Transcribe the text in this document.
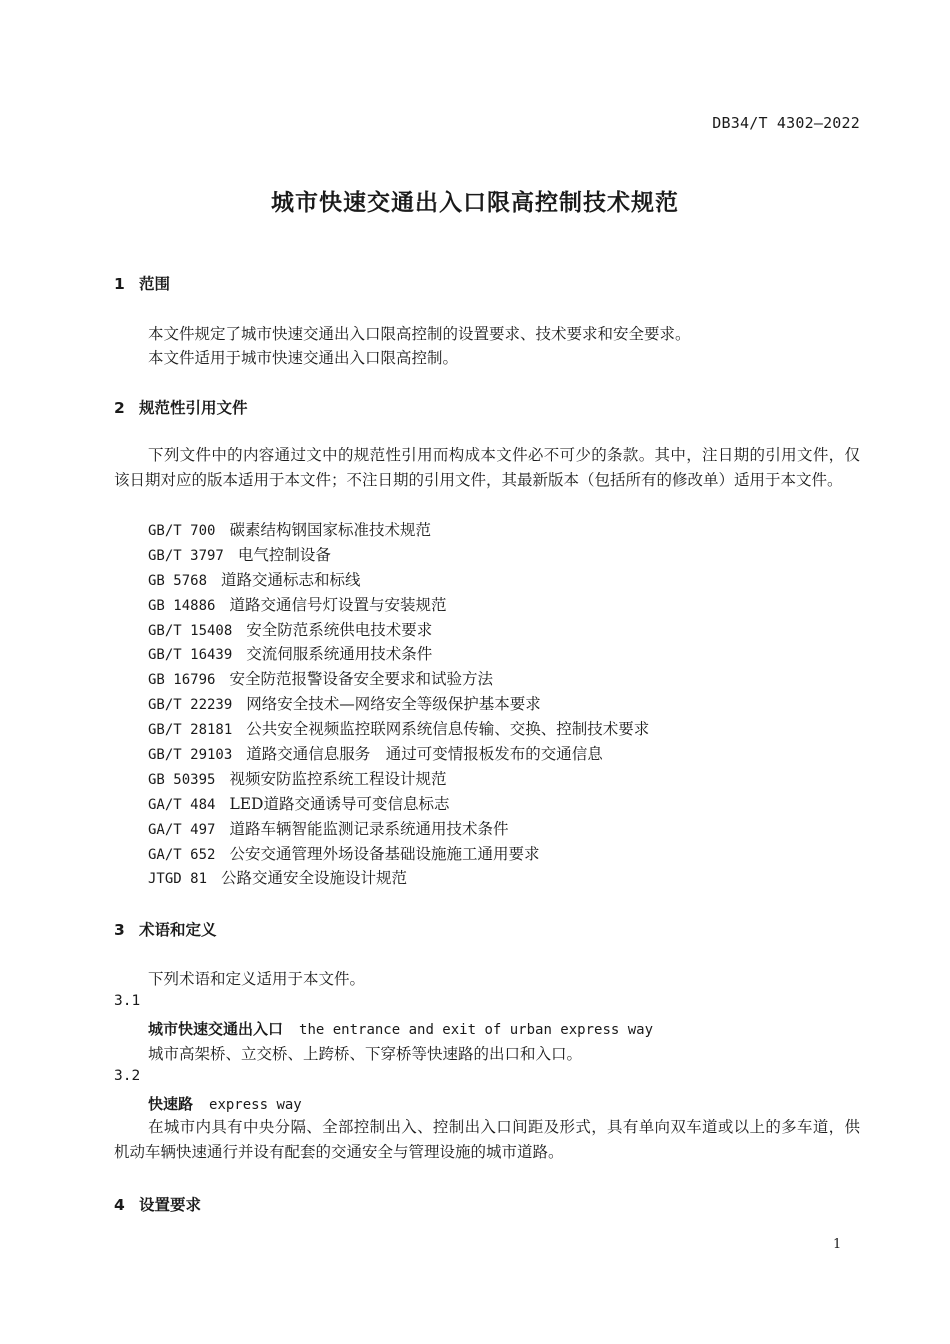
DB34/T 4302—2022
城市快速交通出入口限高控制技术规范
1 范围
本文件规定了城市快速交通出入口限高控制的设置要求、技术要求和安全要求。
本文件适用于城市快速交通出入口限高控制。
2 规范性引用文件
下列文件中的内容通过文中的规范性引用而构成本文件必不可少的条款。其中，注日期的引用文件，仅该日期对应的版本适用于本文件；不注日期的引用文件，其最新版本（包括所有的修改单）适用于本文件。
GB/T 700 碳素结构钢国家标准技术规范
GB/T 3797 电气控制设备
GB 5768 道路交通标志和标线
GB 14886 道路交通信号灯设置与安装规范
GB/T 15408 安全防范系统供电技术要求
GB/T 16439 交流伺服系统通用技术条件
GB 16796 安全防范报警设备安全要求和试验方法
GB/T 22239 网络安全技术—网络安全等级保护基本要求
GB/T 28181 公共安全视频监控联网系统信息传输、交换、控制技术要求
GB/T 29103 道路交通信息服务　通过可变情报板发布的交通信息
GB 50395 视频安防监控系统工程设计规范
GA/T 484 LED道路交通诱导可变信息标志
GA/T 497 道路车辆智能监测记录系统通用技术条件
GA/T 652 公安交通管理外场设备基础设施施工通用要求
JTGD 81 公路交通安全设施设计规范
3 术语和定义
下列术语和定义适用于本文件。
3.1
城市快速交通出入口 the entrance and exit of urban express way
城市高架桥、立交桥、上跨桥、下穿桥等快速路的出口和入口。
3.2
快速路 express way
在城市内具有中央分隔、全部控制出入、控制出入口间距及形式，具有单向双车道或以上的多车道，供机动车辆快速通行并设有配套的交通安全与管理设施的城市道路。
4 设置要求
1
